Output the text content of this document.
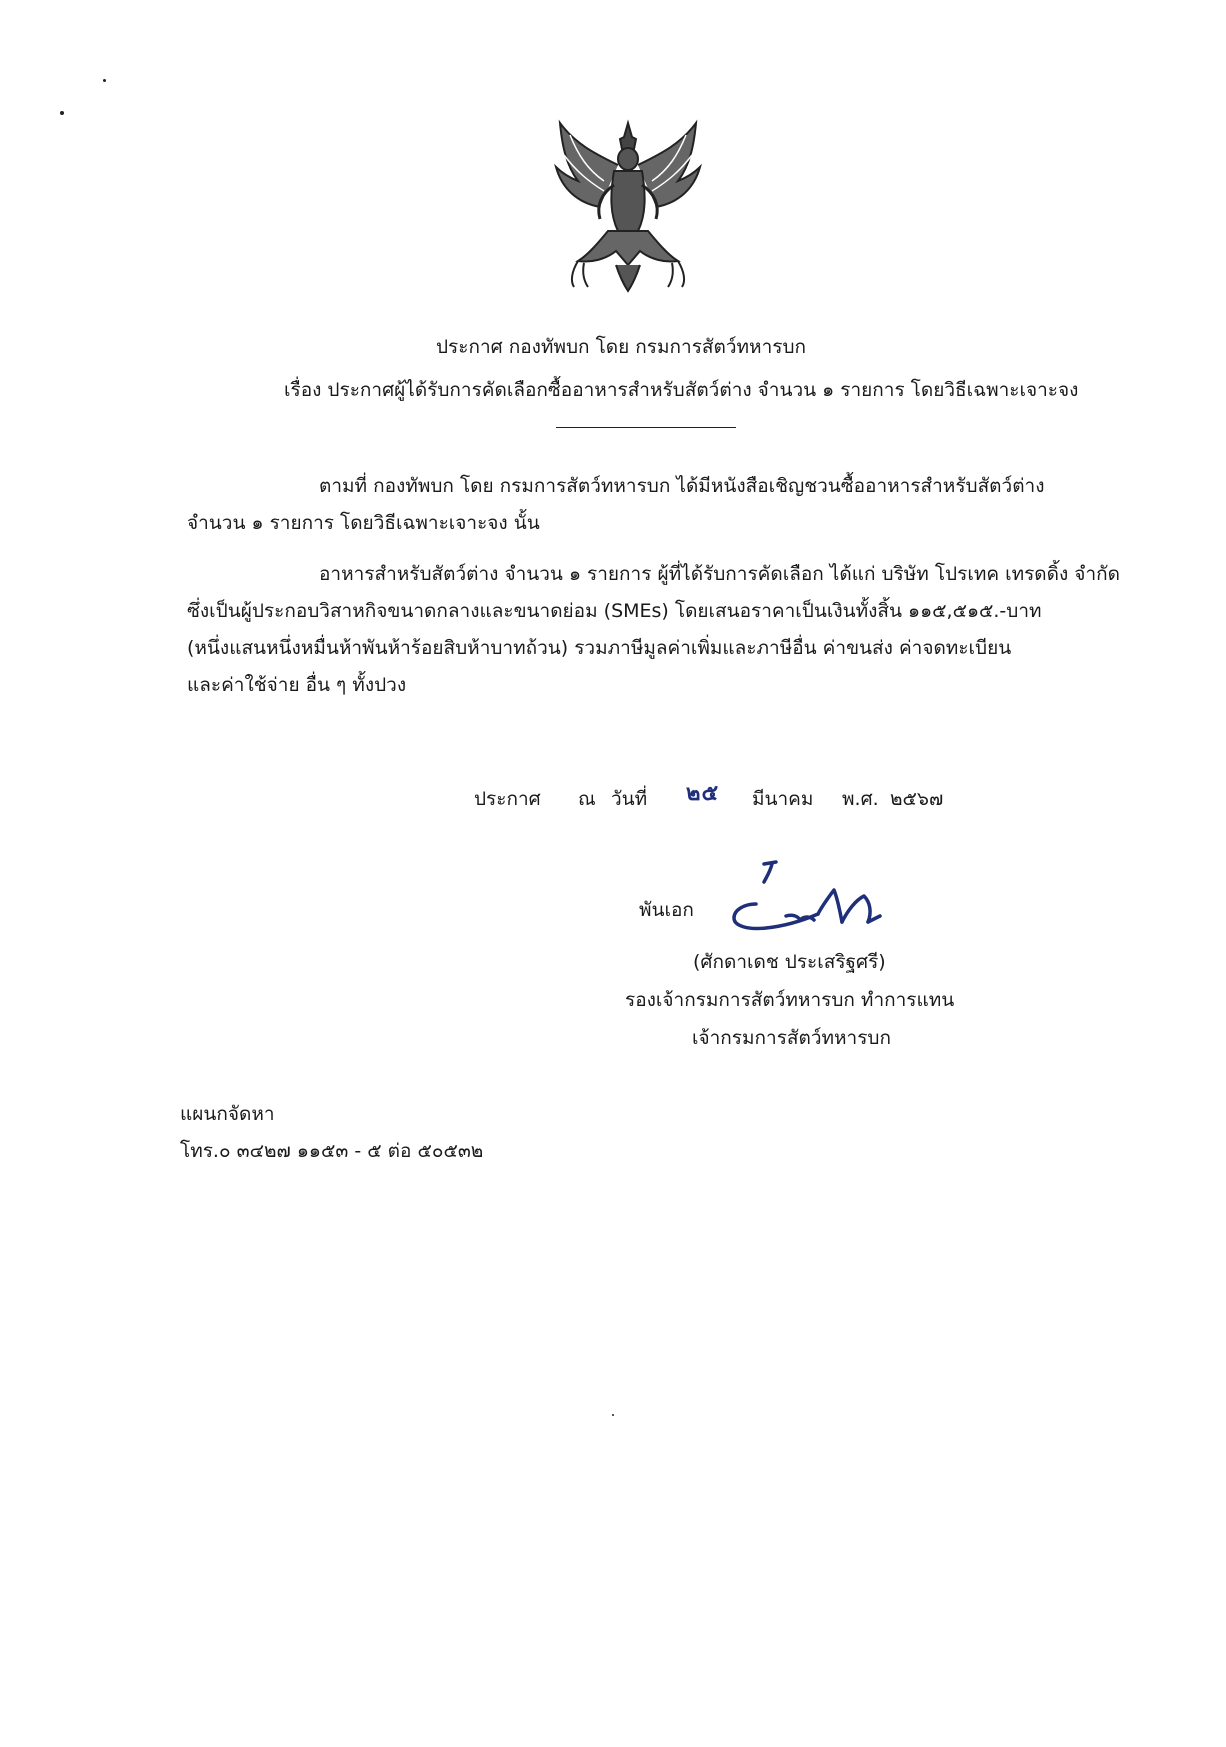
ประกาศ กองทัพบก โดย กรมการสัตว์ทหารบก
เรื่อง ประกาศผู้ได้รับการคัดเลือกซื้ออาหารสำหรับสัตว์ต่าง จำนวน ๑ รายการ โดยวิธีเฉพาะเจาะจง
ตามที่ กองทัพบก โดย กรมการสัตว์ทหารบก ได้มีหนังสือเชิญชวนซื้ออาหารสำหรับสัตว์ต่าง
จำนวน ๑ รายการ โดยวิธีเฉพาะเจาะจง นั้น
อาหารสำหรับสัตว์ต่าง จำนวน ๑ รายการ ผู้ที่ได้รับการคัดเลือก ได้แก่ บริษัท โปรเทค เทรดดิ้ง จำกัด
ซึ่งเป็นผู้ประกอบวิสาหกิจขนาดกลางและขนาดย่อม (SMEs) โดยเสนอราคาเป็นเงินทั้งสิ้น ๑๑๕,๕๑๕.-บาท
(หนึ่งแสนหนึ่งหมื่นห้าพันห้าร้อยสิบห้าบาทถ้วน) รวมภาษีมูลค่าเพิ่มและภาษีอื่น ค่าขนส่ง ค่าจดทะเบียน
และค่าใช้จ่าย อื่น ๆ ทั้งปวง
ประกาศ ณ วันที่ ๒๕ มีนาคม พ.ศ. ๒๕๖๗
พันเอก
(ศักดาเดช ประเสริฐศรี)
รองเจ้ากรมการสัตว์ทหารบก ทำการแทน
เจ้ากรมการสัตว์ทหารบก
แผนกจัดหา
โทร.๐ ๓๔๒๗ ๑๑๕๓ - ๕ ต่อ ๕๐๕๓๒
